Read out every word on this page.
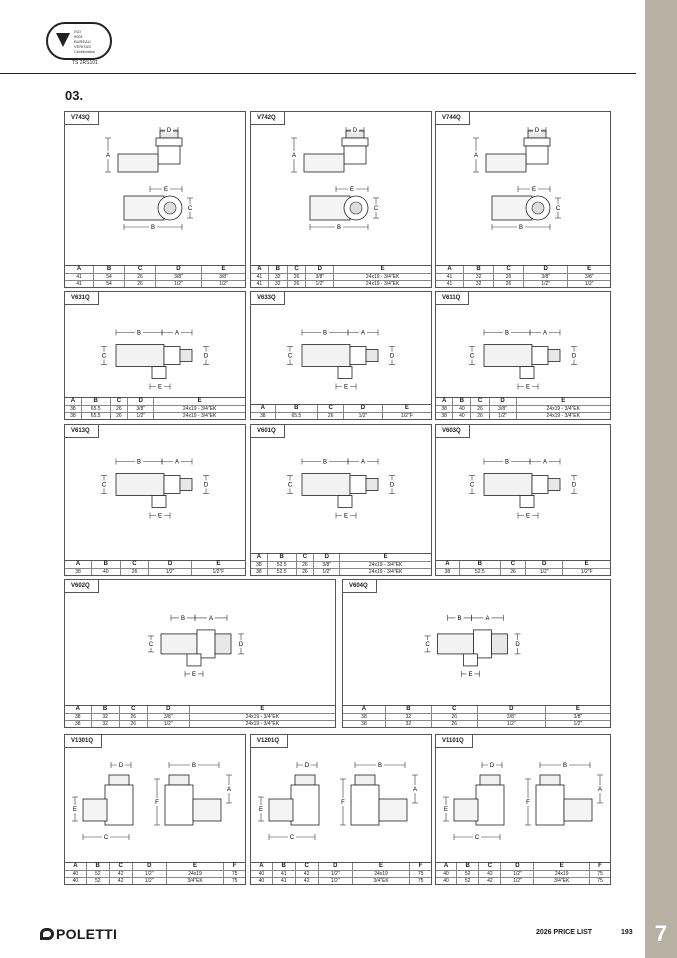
7
ISO
9001
BUREAU
VERITAS
Certification
TS 2RS101
03.
V743Q
A
D
E
B
C
A	B	C	D	E
41	54	26	3/8"	3/8"
41	54	26	1/2"	1/2"
V742Q
A
D
E
B
C
A	B	C	D	E
41	32	26	3/8"	24x19 - 3/4"EK
41	32	26	1/2"	24x19 - 3/4"EK
V744Q
A
D
E
B
C
A	B	C	D	E
41	32	26	3/8"	3/8"
41	32	26	1/2"	1/2"
V631Q
B	A
C	D
E
A	B	C	D	E
38	65.5	26	3/8"	24x19 - 3/4"EK
38	65.5	26	1/2"	24x19 - 3/4"EK
V633Q
B	A
C	D
E
A	B	C	D	E
38	65.5	26	1/2"	1/2"F
V611Q
B	A
C	D
E
A	B	C	D	E
38	40	26	3/8"	24x19 - 3/4"EK
38	40	26	1/2"	24x19 - 3/4"EK
V613Q
B	A
C	D
E
A	B	C	D	E
38	40	26	1/2"	1/2"F
V601Q
B	A
C	D
E
A	B	C	D	E
38	52.5	26	3/8"	24x19 - 3/4"EK
38	52.5	26	1/2"	24x19 - 3/4"EK
V603Q
B	A
C	D
E
A	B	C	D	E
38	52.5	26	1/2"	1/2"F
V602Q
B	A
C	D
E
A	B	C	D	E
38	32	26	3/8"	24x19 - 3/4"EK
38	32	26	1/2"	24x19 - 3/4"EK
V604Q
B	A
C	D
E
A	B	C	D	E
38	32	26	3/8"	3/8"
38	32	26	1/2"	1/2"
V1301Q
D
E
C
B
F
A
A	B	C	D	E	F
40	52	42	1/2"	24x19	75
40	52	42	1/2"	3/4"EK	75
V1201Q
D
E
C
B
F
A
A	B	C	D	E	F
40	41	42	1/2"	24x19	75
40	41	42	1/2"	3/4"EK	75
V1101Q
D
E
C
B
F
A
A	B	C	D	E	F
40	52	42	1/2"	24x19	75
40	52	42	1/2"	3/4"EK	75
POLETTI	2026 PRICE LIST	193
